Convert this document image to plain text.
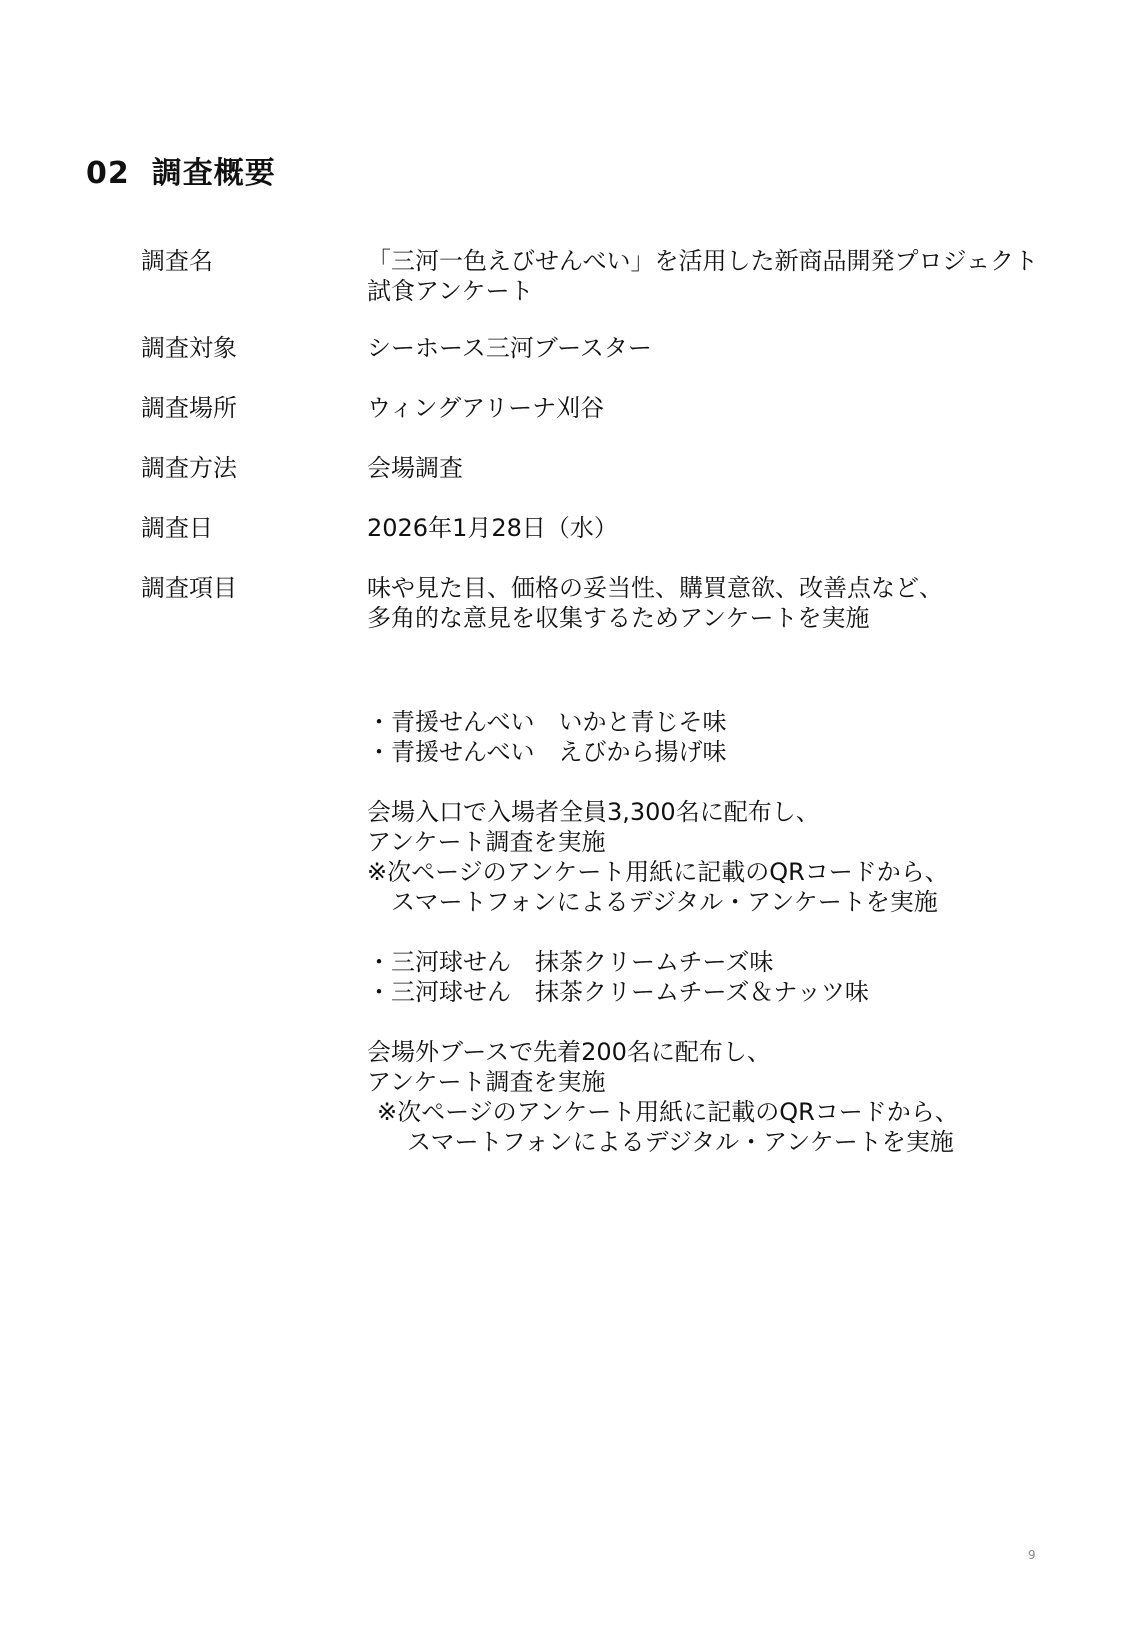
02 調査概要
調査名	「三河一色えびせんべい」を活用した新商品開発プロジェクト
試食アンケート
調査対象	シーホース三河ブースター
調査場所	ウィングアリーナ刈谷
調査方法	会場調査
調査日	2026年1月28日（水）
調査項目	味や見た目、価格の妥当性、購買意欲、改善点など、
多角的な意見を収集するためアンケートを実施
・青援せんべい　いかと青じそ味
・青援せんべい　えびから揚げ味
会場入口で入場者全員3,300名に配布し、
アンケート調査を実施
※次ページのアンケート用紙に記載のQRコードから、
スマートフォンによるデジタル・アンケートを実施
・三河球せん　抹茶クリームチーズ味
・三河球せん　抹茶クリームチーズ＆ナッツ味
会場外ブースで先着200名に配布し、
アンケート調査を実施
※次ページのアンケート用紙に記載のQRコードから、
スマートフォンによるデジタル・アンケートを実施
9
